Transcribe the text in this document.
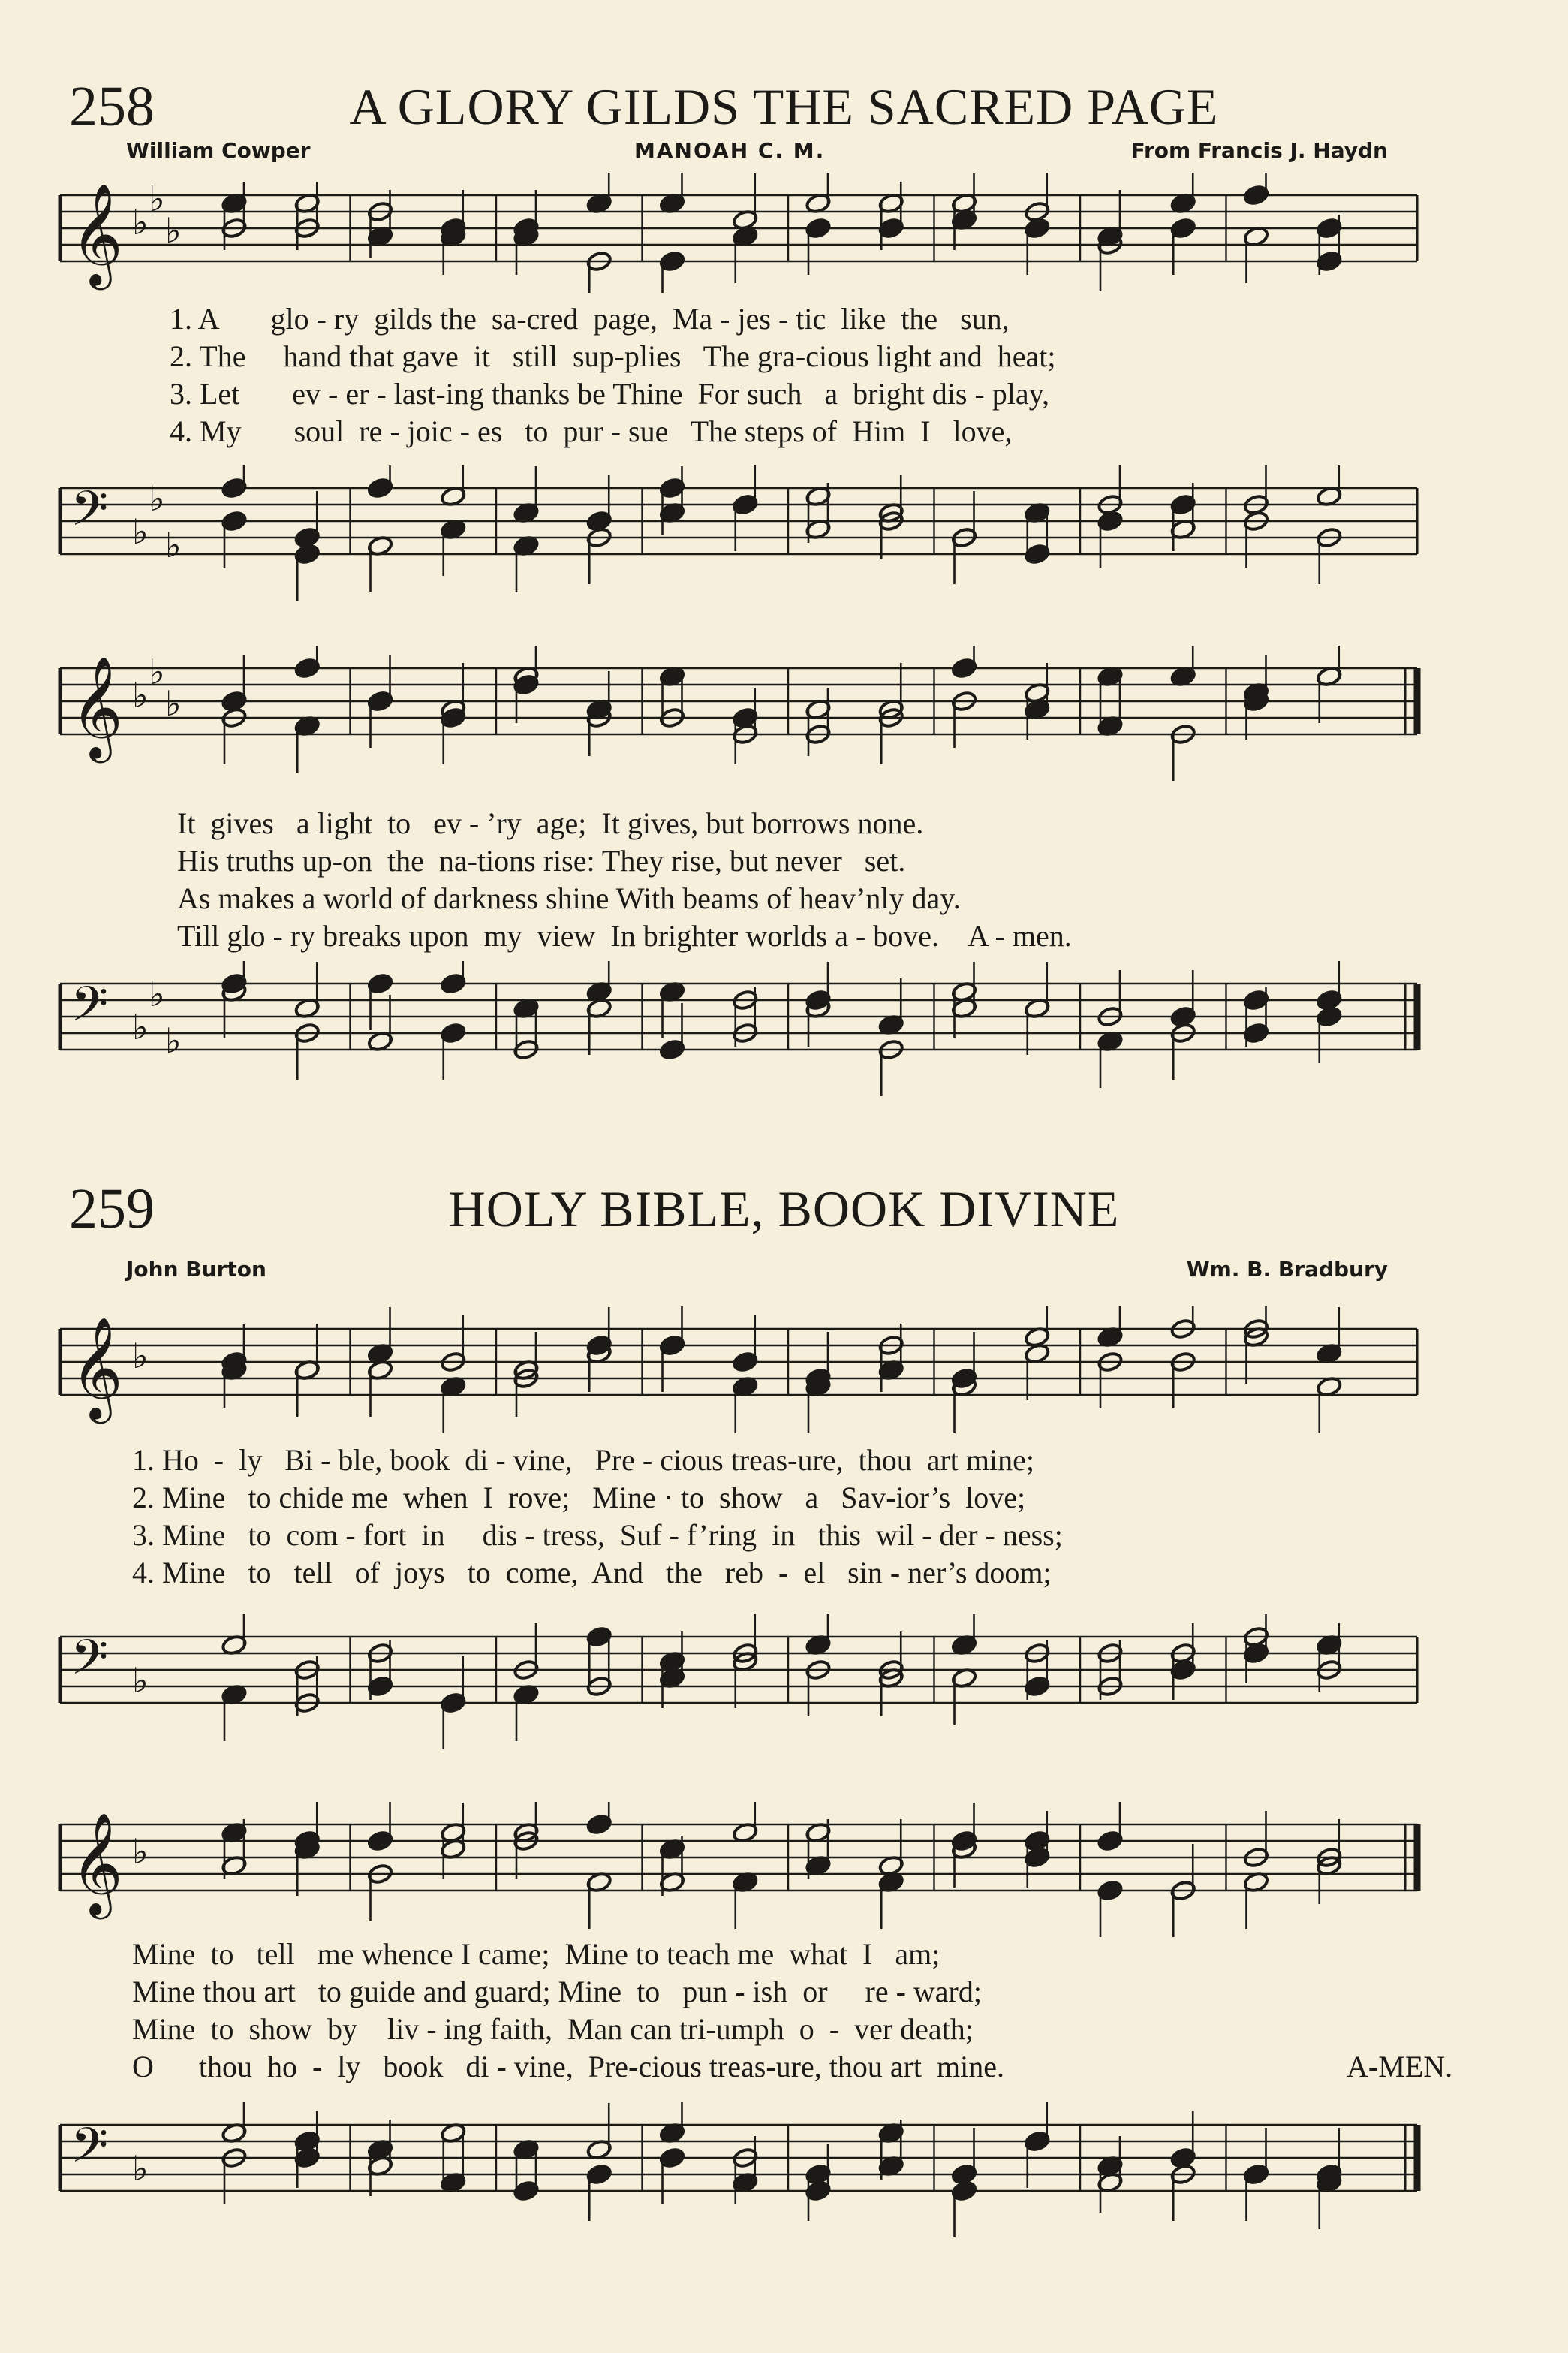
258	A GLORY GILDS THE SACRED PAGE
William Cowper	MANOAH C. M.	From Francis J. Haydn
𝄞 ♭
♭
♭
1. A       glo - ry  gilds the  sa-cred  page,  Ma - jes - tic  like  the   sun,
2. The     hand that gave  it   still  sup-plies   The gra-cious light and  heat;
3. Let       ev - er - last-ing thanks be Thine  For such   a  bright dis - play,
4. My       soul  re - joic - es   to  pur - sue   The steps of  Him  I   love,
𝄢 ♭
♭
♭
𝄞 ♭
♭
♭
It  gives   a light  to   ev - ’ry  age;  It gives, but borrows none.
His truths up-on  the  na-tions rise: They rise, but never   set.
As makes a world of darkness shine With beams of heav’nly day.
Till glo - ry breaks upon  my  view  In brighter worlds a - bove.    A - men.
𝄢 ♭
♭
♭
259	HOLY BIBLE, BOOK DIVINE
John Burton	Wm. B. Bradbury
𝄞 ♭
1. Ho  -  ly   Bi - ble, book  di - vine,   Pre - cious treas-ure,  thou  art mine;
2. Mine   to chide me  when  I  rove;   Mine · to  show   a   Sav-ior’s  love;
3. Mine   to  com - fort  in     dis - tress,  Suf - f’ring  in   this  wil - der - ness;
4. Mine   to   tell   of  joys   to  come,  And   the   reb  -  el   sin - ner’s doom;
𝄢 ♭
𝄞 ♭
Mine  to   tell   me whence I came;  Mine to teach me  what  I   am;
Mine thou art   to guide and guard; Mine  to   pun - ish  or     re - ward;
Mine  to  show  by    liv - ing faith,  Man can tri-umph  o  -  ver death;
O      thou  ho  -  ly   book   di - vine,  Pre-cious treas-ure, thou art  mine.	A-MEN.
𝄢 ♭
